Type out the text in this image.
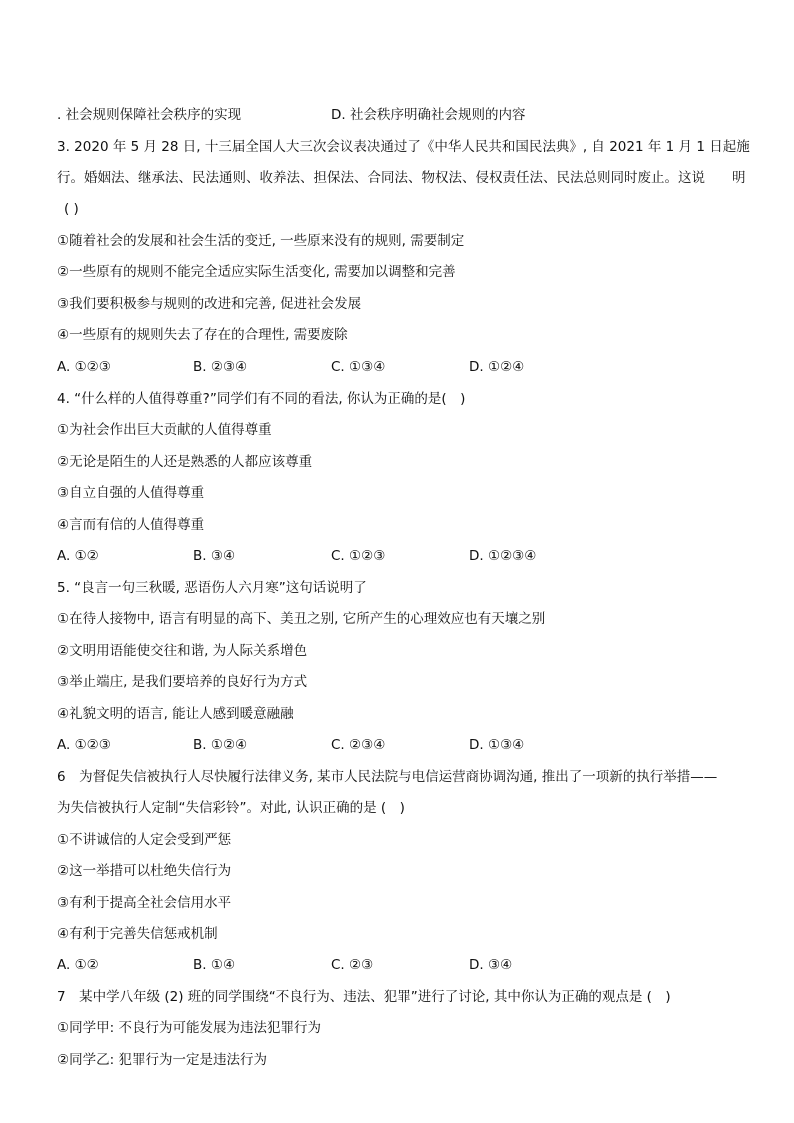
. 社会规则保障社会秩序的实现	D. 社会秩序明确社会规则的内容
3. 2020 年 5 月 28 日, 十三届全国人大三次会议表决通过了《中华人民共和国民法典》, 自 2021 年 1 月 1 日起施
行。婚姻法、继承法、民法通则、收养法、担保法、合同法、物权法、侵权责任法、民法总则同时废止。这说　　明
( )
①随着社会的发展和社会生活的变迁, 一些原来没有的规则, 需要制定
②一些原有的规则不能完全适应实际生活变化, 需要加以调整和完善
③我们要积极参与规则的改进和完善, 促进社会发展
④一些原有的规则失去了存在的合理性, 需要废除
A. ①②③	B. ②③④	C. ①③④	D. ①②④
4. “什么样的人值得尊重?”同学们有不同的看法, 你认为正确的是(　)
①为社会作出巨大贡献的人值得尊重
②无论是陌生的人还是熟悉的人都应该尊重
③自立自强的人值得尊重
④言而有信的人值得尊重
A. ①②	B. ③④	C. ①②③	D. ①②③④
5. “良言一句三秋暖, 恶语伤人六月寒”这句话说明了
①在待人接物中, 语言有明显的高下、美丑之别, 它所产生的心理效应也有天壤之别
②文明用语能使交往和谐, 为人际关系增色
③举止端庄, 是我们要培养的良好行为方式
④礼貌文明的语言, 能让人感到暖意融融
A. ①②③	B. ①②④	C. ②③④	D. ①③④
6　为督促失信被执行人尽快履行法律义务, 某市人民法院与电信运营商协调沟通, 推出了一项新的执行举措——
为失信被执行人定制“失信彩铃”。对此, 认识正确的是 (　)
①不讲诚信的人定会受到严惩
②这一举措可以杜绝失信行为
③有利于提高全社会信用水平
④有利于完善失信惩戒机制
A. ①②	B. ①④	C. ②③	D. ③④
7　某中学八年级 (2) 班的同学围绕“不良行为、违法、犯罪”进行了讨论, 其中你认为正确的观点是 (　)
①同学甲: 不良行为可能发展为违法犯罪行为
②同学乙: 犯罪行为一定是违法行为
